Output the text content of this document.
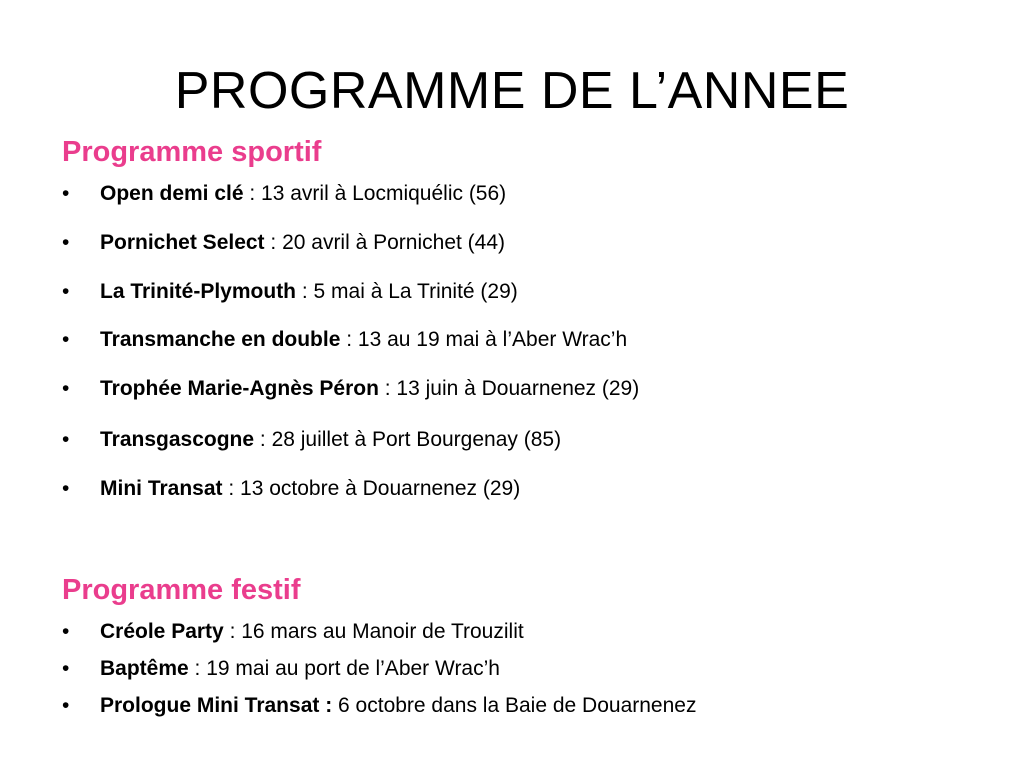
PROGRAMME DE L’ANNEE
Programme sportif
•	Open demi clé : 13 avril à Locmiquélic (56)
•	Pornichet Select : 20 avril à Pornichet (44)
•	La Trinité-Plymouth : 5 mai à La Trinité (29)
•	Transmanche en double : 13 au 19 mai à l’Aber Wrac’h
•	Trophée Marie-Agnès Péron : 13 juin à Douarnenez (29)
•	Transgascogne : 28 juillet à Port Bourgenay (85)
•	Mini Transat : 13 octobre à Douarnenez (29)
Programme festif
•	Créole Party : 16 mars au Manoir de Trouzilit
•	Baptême : 19 mai au port de l’Aber Wrac’h
•	Prologue Mini Transat : 6 octobre dans la Baie de Douarnenez
